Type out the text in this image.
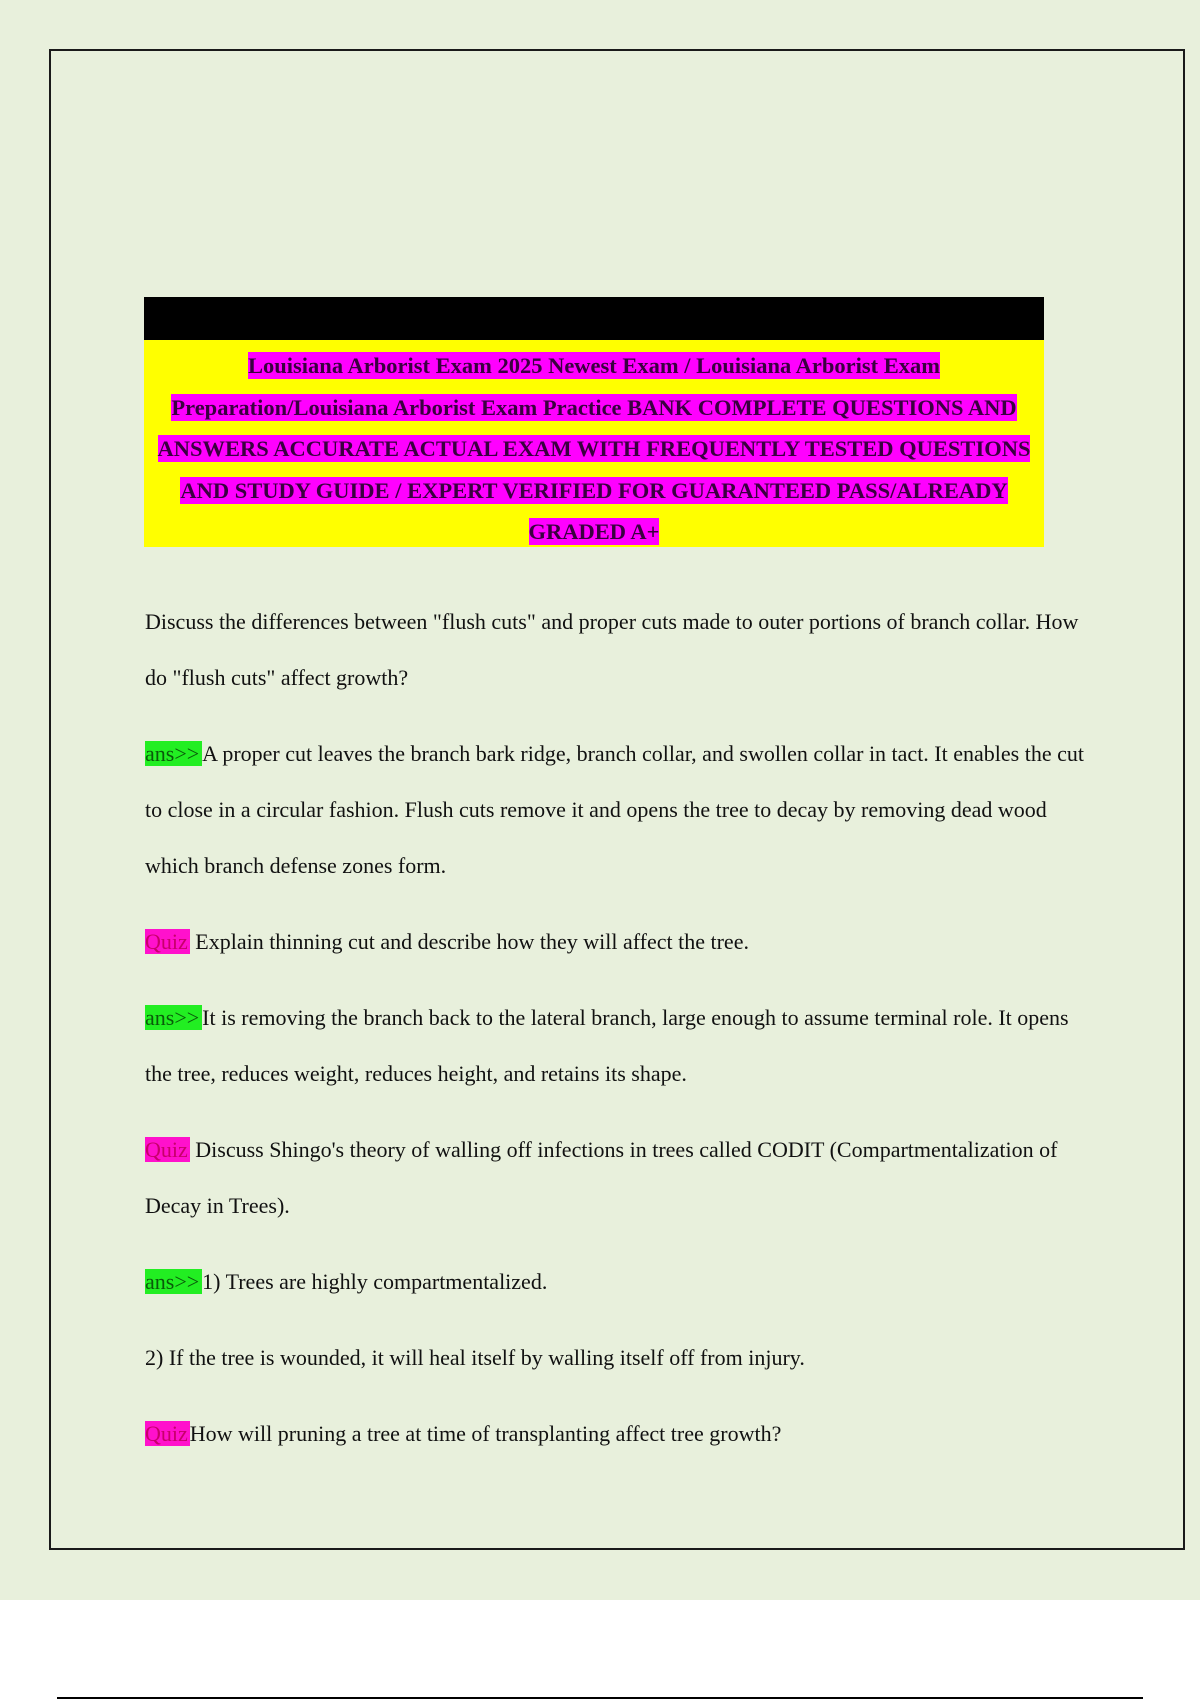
Louisiana Arborist Exam 2025 Newest Exam / Louisiana Arborist Exam Preparation/Louisiana Arborist Exam Practice BANK COMPLETE QUESTIONS AND ANSWERS ACCURATE ACTUAL EXAM WITH FREQUENTLY TESTED QUESTIONS AND STUDY GUIDE / EXPERT VERIFIED FOR GUARANTEED PASS/ALREADY GRADED A+

Discuss the differences between "flush cuts" and proper cuts made to outer portions of branch collar. How do "flush cuts" affect growth?

ans>> A proper cut leaves the branch bark ridge, branch collar, and swollen collar in tact. It enables the cut to close in a circular fashion. Flush cuts remove it and opens the tree to decay by removing dead wood which branch defense zones form.

Quiz Explain thinning cut and describe how they will affect the tree.

ans>> It is removing the branch back to the lateral branch, large enough to assume terminal role. It opens the tree, reduces weight, reduces height, and retains its shape.

Quiz Discuss Shingo's theory of walling off infections in trees called CODIT (Compartmentalization of Decay in Trees).

ans>> 1) Trees are highly compartmentalized.

2) If the tree is wounded, it will heal itself by walling itself off from injury.

QuizHow will pruning a tree at time of transplanting affect tree growth?
